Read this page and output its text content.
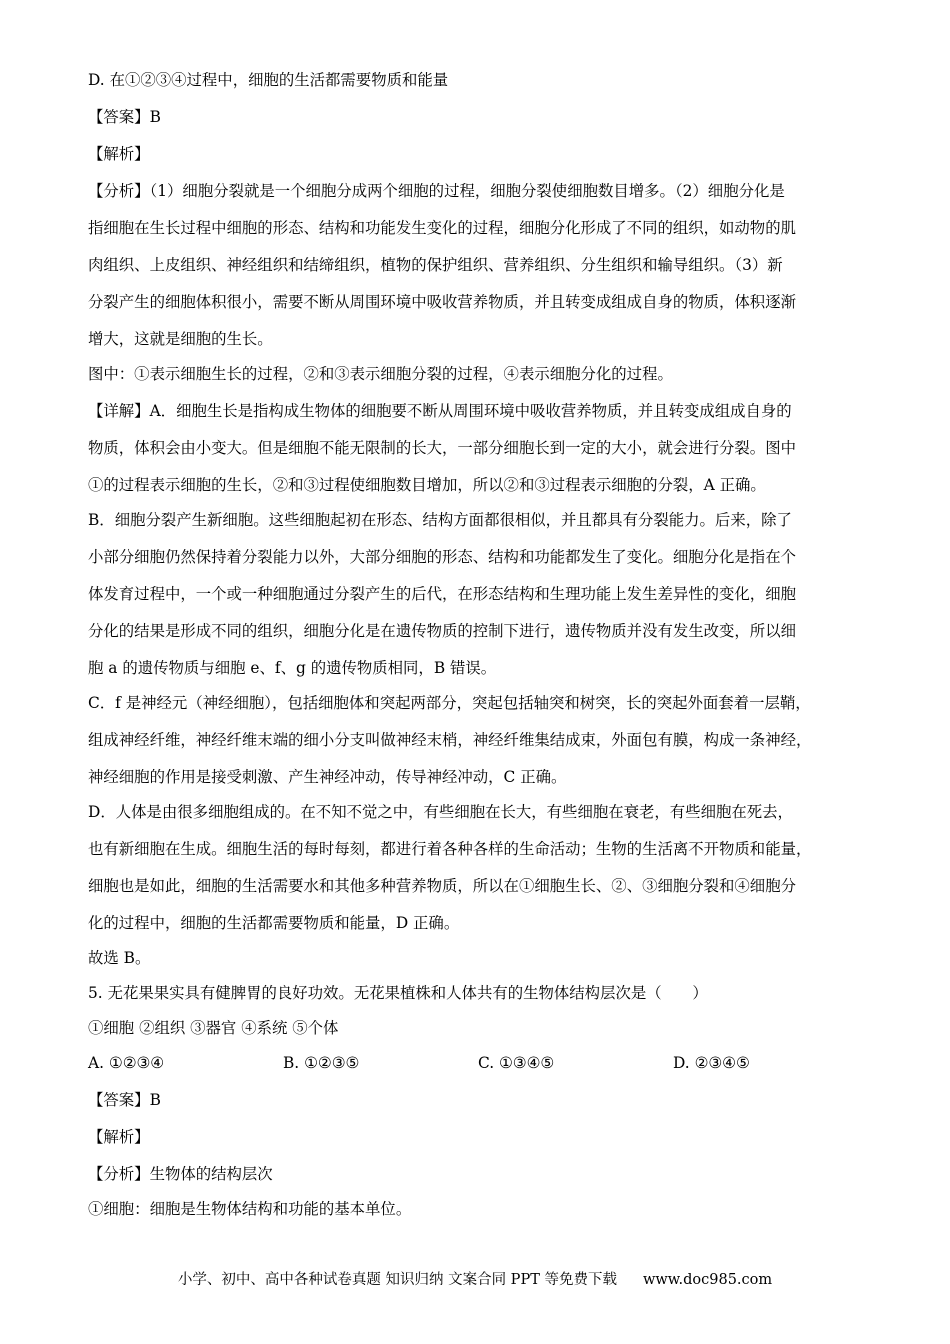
D. 在①②③④过程中，细胞的生活都需要物质和能量
【答案】B
【解析】
【分析】（1）细胞分裂就是一个细胞分成两个细胞的过程，细胞分裂使细胞数目增多。（2）细胞分化是
指细胞在生长过程中细胞的形态、结构和功能发生变化的过程，细胞分化形成了不同的组织，如动物的肌
肉组织、上皮组织、神经组织和结缔组织，植物的保护组织、营养组织、分生组织和输导组织。（3）新
分裂产生的细胞体积很小，需要不断从周围环境中吸收营养物质，并且转变成组成自身的物质，体积逐渐
增大，这就是细胞的生长。
图中：①表示细胞生长的过程，②和③表示细胞分裂的过程，④表示细胞分化的过程。
【详解】A．细胞生长是指构成生物体的细胞要不断从周围环境中吸收营养物质，并且转变成组成自身的
物质，体积会由小变大。但是细胞不能无限制的长大，一部分细胞长到一定的大小，就会进行分裂。图中
①的过程表示细胞的生长，②和③过程使细胞数目增加，所以②和③过程表示细胞的分裂，A 正确。
B．细胞分裂产生新细胞。这些细胞起初在形态、结构方面都很相似，并且都具有分裂能力。后来，除了
小部分细胞仍然保持着分裂能力以外，大部分细胞的形态、结构和功能都发生了变化。细胞分化是指在个
体发育过程中，一个或一种细胞通过分裂产生的后代，在形态结构和生理功能上发生差异性的变化，细胞
分化的结果是形成不同的组织，细胞分化是在遗传物质的控制下进行，遗传物质并没有发生改变，所以细
胞 a 的遗传物质与细胞 e、f、g 的遗传物质相同，B 错误。
C．f 是神经元（神经细胞），包括细胞体和突起两部分，突起包括轴突和树突，长的突起外面套着一层鞘，
组成神经纤维，神经纤维末端的细小分支叫做神经末梢，神经纤维集结成束，外面包有膜，构成一条神经，
神经细胞的作用是接受刺激、产生神经冲动，传导神经冲动，C 正确。
D．人体是由很多细胞组成的。在不知不觉之中，有些细胞在长大，有些细胞在衰老，有些细胞在死去，
也有新细胞在生成。细胞生活的每时每刻，都进行着各种各样的生命活动；生物的生活离不开物质和能量，
细胞也是如此，细胞的生活需要水和其他多种营养物质，所以在①细胞生长、②、③细胞分裂和④细胞分
化的过程中，细胞的生活都需要物质和能量，D 正确。
故选 B。
5. 无花果果实具有健脾胃的良好功效。无花果植株和人体共有的生物体结构层次是（　　）
①细胞 ②组织 ③器官 ④系统 ⑤个体
A. ①②③④	B. ①②③⑤	C. ①③④⑤	D. ②③④⑤
【答案】B
【解析】
【分析】生物体的结构层次
①细胞：细胞是生物体结构和功能的基本单位。
小学、初中、高中各种试卷真题 知识归纳 文案合同 PPT 等免费下载 www.doc985.com
